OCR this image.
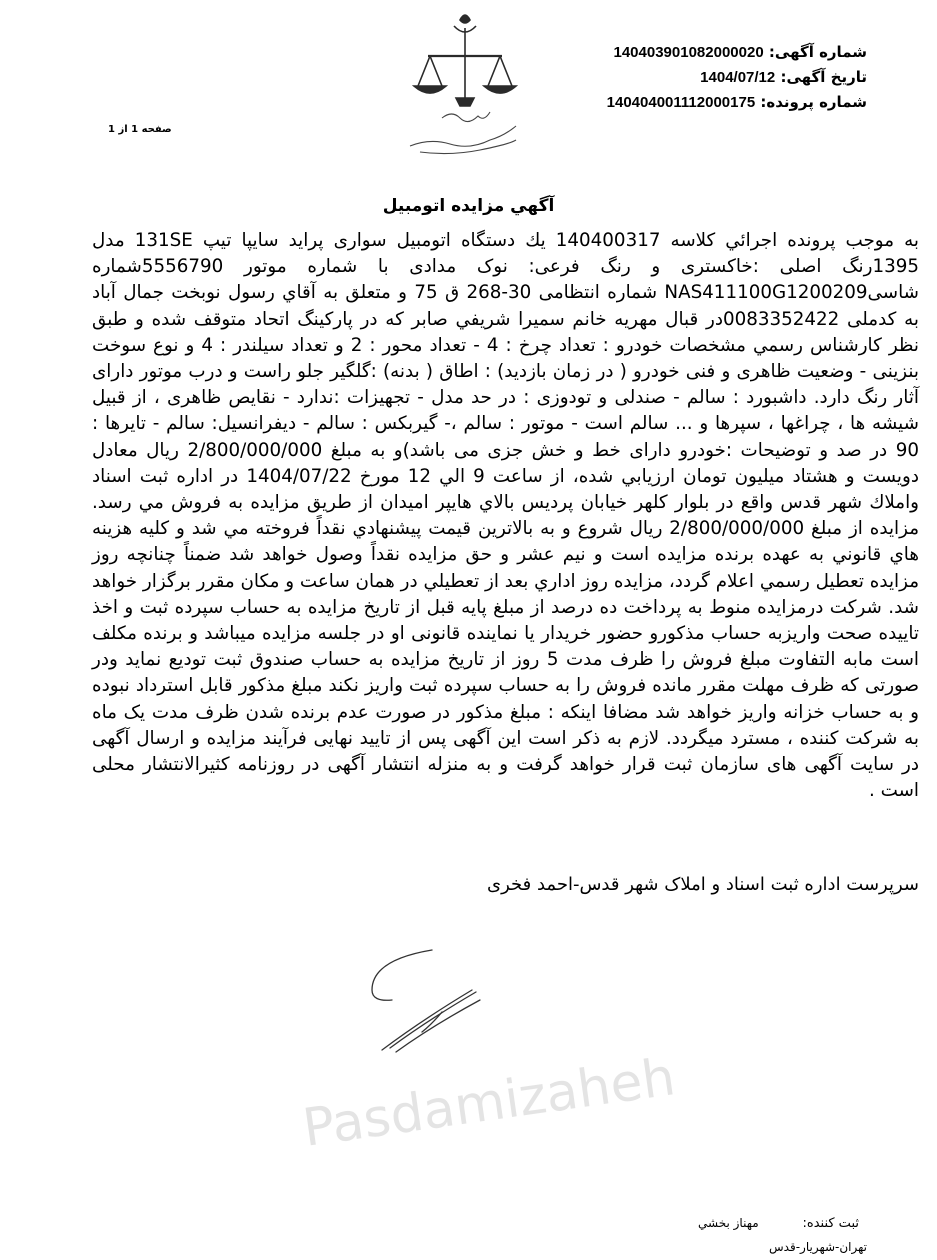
شماره آگهی: 14040390108200002​0
تاریخ آگهی: 1404/07/12
شماره پرونده: 14040400111200017​5
صفحه 1 از 1
آگهي مزايده اتومبيل

به موجب پرونده اجرائي كلاسه 140400317 يك دستگاه اتومبيل سواری پرايد سايپا تيپ 131SE مدل 1395رنگ اصلی :خاکستری و رنگ فرعی: نوک مدادی با شماره موتور 5556790شماره شاسیNAS411100G1200209 شماره انتظامی 30-268 ق 75 و متعلق به آقاي رسول نوبخت جمال آباد به کدملی 0083352422در قبال مهريه خانم سميرا شريفي صابر که در پارکينگ اتحاد متوقف شده و طبق نظر كارشناس رسمي مشخصات خودرو : تعداد چرخ : 4 - تعداد محور : 2 و تعداد سیلندر : 4 و نوع سوخت بنزینی - وضعیت ظاهری و فنی خودرو ( در زمان بازدید) : اطاق ( بدنه) :گلگیر جلو راست و درب موتور دارای آثار رنگ دارد. داشبورد : سالم - صندلی و تودوزی : در حد مدل - تجهیزات :ندارد - نقایص ظاهری ، از قبیل شیشه ها ، چراغها ، سپرها و ... سالم است - موتور : سالم ،- گیربکس : سالم - دیفرانسیل: سالم - تایرها : 90 در صد و توضیحات :خودرو دارای خط و خش جزی می باشد)و به مبلغ 2/800/000/000 ريال معادل دويست و هشتاد ميليون تومان ارزيابي شده، از ساعت 9 الي 12 مورخ 1404/07/22 در اداره ثبت اسناد واملاك شهر قدس واقع در بلوار كلهر خيابان پرديس بالاي هايپر اميدان از طريق مزايده به فروش مي رسد. مزايده از مبلغ 2/800/000/000 ريال شروع و به بالاترين قيمت پيشنهادي نقداً فروخته مي شد و كليه هزينه هاي قانوني به عهده برنده مزايده است و نيم عشر و حق مزايده نقداً وصول خواهد شد ضمناً چنانچه روز مزايده تعطيل رسمي اعلام گردد، مزايده روز اداري بعد از تعطيلي در همان ساعت و مكان مقرر برگزار خواهد شد. شرکت درمزایده منوط به پرداخت ده درصد از مبلغ پایه قبل از تاریخ مزایده به حساب سپرده ثبت و اخذ تاییده صحت واریزبه حساب مذکورو حضور خریدار یا نماینده قانونی او در جلسه مزایده میباشد و برنده مکلف است مابه التفاوت مبلغ فروش را ظرف مدت 5 روز از تاریخ مزایده به حساب صندوق ثبت تودیع نماید ودر صورتی که ظرف مهلت مقرر مانده فروش را به حساب سپرده ثبت واریز نکند مبلغ مذکور قابل استرداد نبوده و به حساب خزانه واریز خواهد شد مضافا اینکه : مبلغ مذکور در صورت عدم برنده شدن ظرف مدت یک ماه به شرکت کننده ، مسترد میگردد. لازم به ذکر است این آگهی پس از تایید نهایی فرآیند مزایده و ارسال آگهی در سایت آگهی های سازمان ثبت قرار خواهد گرفت و به منزله انتشار آگهی در روزنامه کثیرالانتشار محلی است .

سرپرست اداره ثبت اسناد و املاک شهر قدس-احمد فخری
Pasdamizaheh
ثبت کننده: مهناز بخشي
تهران-شهریار-قدس
